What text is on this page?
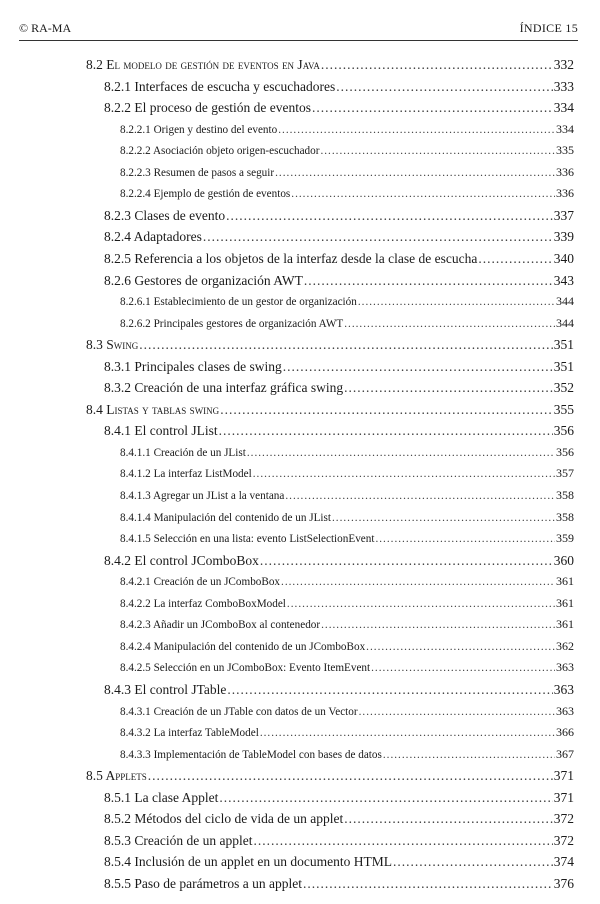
© RA-MA	ÍNDICE 15
8.2 El modelo de gestión de eventos en Java .....	332
8.2.1 Interfaces de escucha y escuchadores .....	333
8.2.2 El proceso de gestión de eventos .....	334
8.2.2.1 Origen y destino del evento .....	334
8.2.2.2 Asociación objeto origen-escuchador .....	335
8.2.2.3 Resumen de pasos a seguir .....	336
8.2.2.4 Ejemplo de gestión de eventos .....	336
8.2.3 Clases de evento .....	337
8.2.4 Adaptadores .....	339
8.2.5 Referencia a los objetos de la interfaz desde la clase de escucha .....	340
8.2.6 Gestores de organización AWT .....	343
8.2.6.1 Establecimiento de un gestor de organización .....	344
8.2.6.2 Principales gestores de organización AWT .....	344
8.3 Swing .....	351
8.3.1 Principales clases de swing .....	351
8.3.2 Creación de una interfaz gráfica swing .....	352
8.4 Listas y tablas swing .....	355
8.4.1 El control JList .....	356
8.4.1.1 Creación de un JList .....	356
8.4.1.2 La interfaz ListModel .....	357
8.4.1.3 Agregar un JList a la ventana .....	358
8.4.1.4 Manipulación del contenido de un JList .....	358
8.4.1.5 Selección en una lista: evento ListSelectionEvent .....	359
8.4.2 El control JComboBox .....	360
8.4.2.1 Creación de un JComboBox .....	361
8.4.2.2 La interfaz ComboBoxModel .....	361
8.4.2.3 Añadir un JComboBox al contenedor .....	361
8.4.2.4 Manipulación del contenido de un JComboBox .....	362
8.4.2.5 Selección en un JComboBox: Evento ItemEvent .....	363
8.4.3 El control JTable .....	363
8.4.3.1 Creación de un JTable con datos de un Vector .....	363
8.4.3.2 La interfaz TableModel .....	366
8.4.3.3 Implementación de TableModel con bases de datos .....	367
8.5 Applets .....	371
8.5.1 La clase Applet .....	371
8.5.2 Métodos del ciclo de vida de un applet .....	372
8.5.3 Creación de un applet .....	372
8.5.4 Inclusión de un applet en un documento HTML .....	374
8.5.5 Paso de parámetros a un applet .....	376
